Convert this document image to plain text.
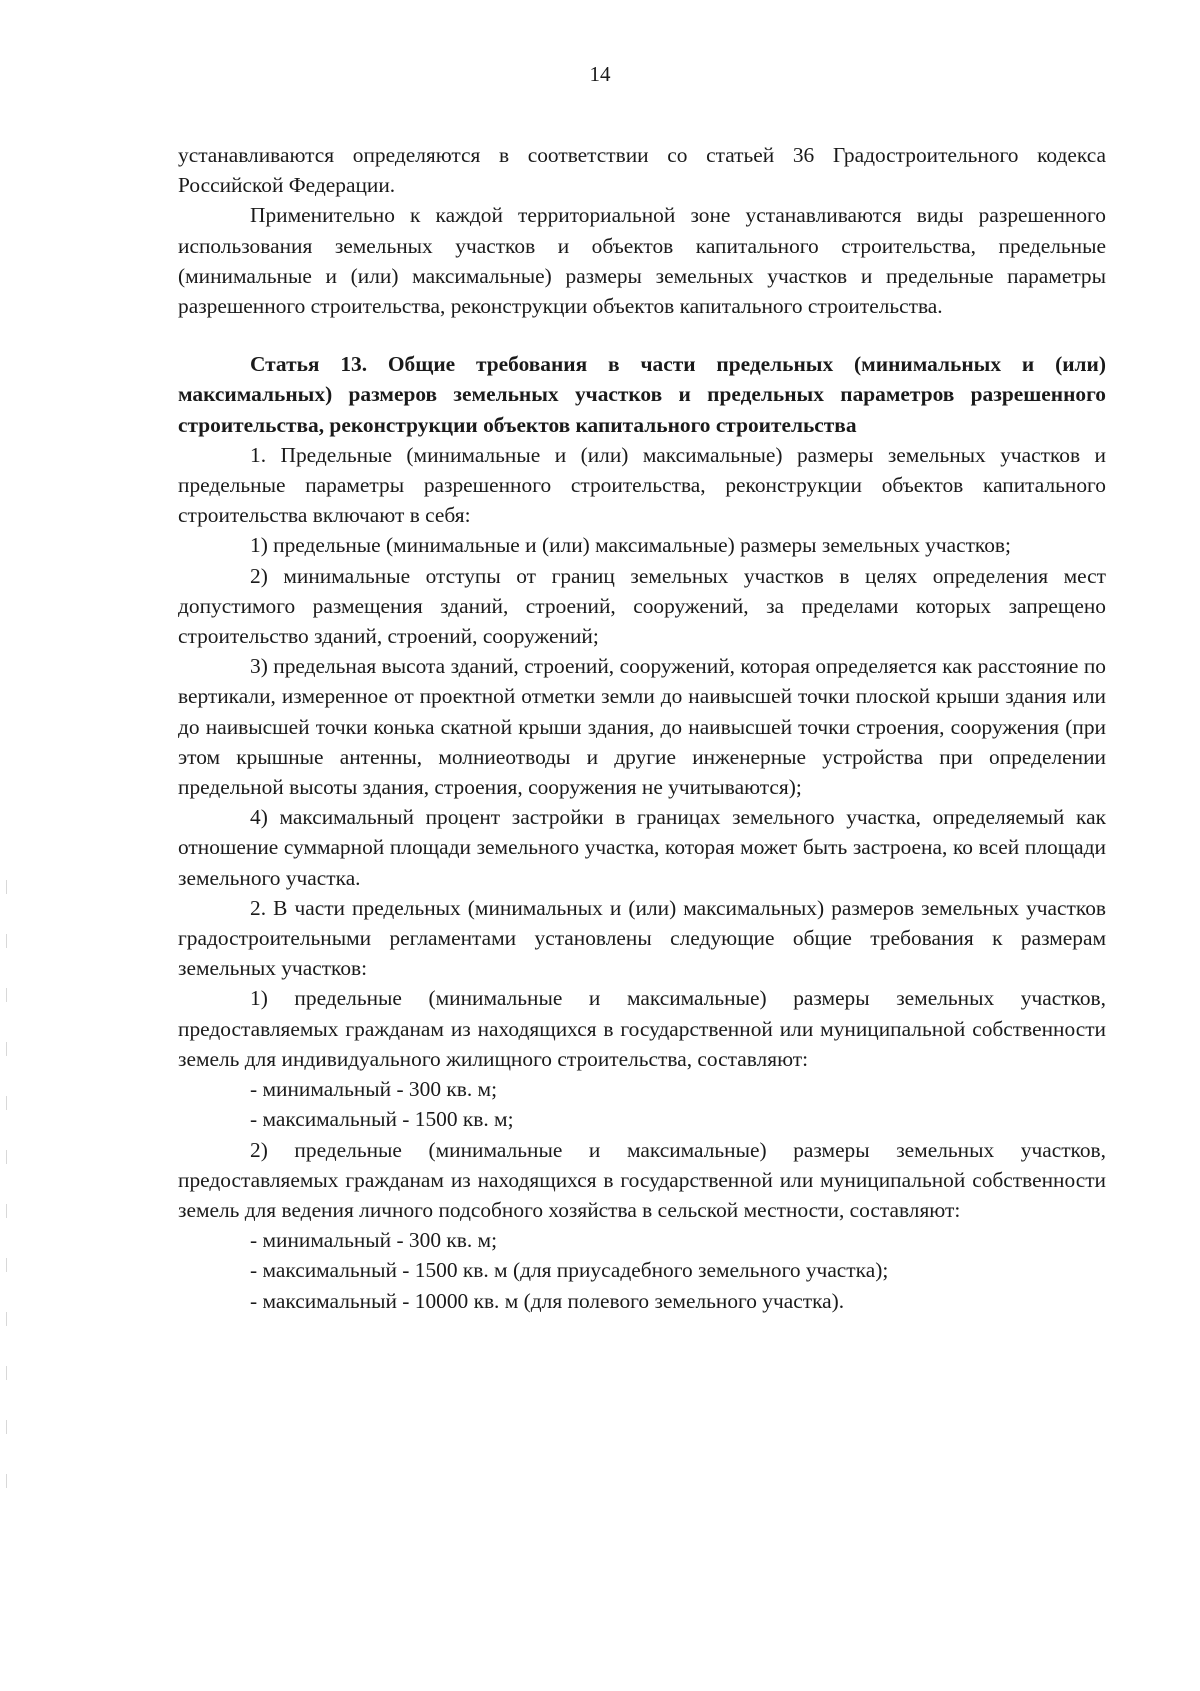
14

устанавливаются определяются в соответствии со статьей 36 Градостроительного кодекса Российской Федерации.

Применительно к каждой территориальной зоне устанавливаются виды разрешенного использования земельных участков и объектов капитального строительства, предельные (минимальные и (или) максимальные) размеры земельных участков и предельные параметры разрешенного строительства, реконструкции объектов капитального строительства.

Статья 13. Общие требования в части предельных (минимальных и (или) максимальных) размеров земельных участков и предельных параметров разрешенного строительства, реконструкции объектов капитального строительства

1. Предельные (минимальные и (или) максимальные) размеры земельных участков и предельные параметры разрешенного строительства, реконструкции объектов капитального строительства включают в себя:

1) предельные (минимальные и (или) максимальные) размеры земельных участков;

2) минимальные отступы от границ земельных участков в целях определения мест допустимого размещения зданий, строений, сооружений, за пределами которых запрещено строительство зданий, строений, сооружений;

3) предельная высота зданий, строений, сооружений, которая определяется как расстояние по вертикали, измеренное от проектной отметки земли до наивысшей точки плоской крыши здания или до наивысшей точки конька скатной крыши здания, до наивысшей точки строения, сооружения (при этом крышные антенны, молниеотводы и другие инженерные устройства при определении предельной высоты здания, строения, сооружения не учитываются);

4) максимальный процент застройки в границах земельного участка, определяемый как отношение суммарной площади земельного участка, которая может быть застроена, ко всей площади земельного участка.

2. В части предельных (минимальных и (или) максимальных) размеров земельных участков градостроительными регламентами установлены следующие общие требования к размерам земельных участков:

1) предельные (минимальные и максимальные) размеры земельных участков, предоставляемых гражданам из находящихся в государственной или муниципальной собственности земель для индивидуального жилищного строительства, составляют:

- минимальный - 300 кв. м;

- максимальный - 1500 кв. м;

2) предельные (минимальные и максимальные) размеры земельных участков, предоставляемых гражданам из находящихся в государственной или муниципальной собственности земель для ведения личного подсобного хозяйства в сельской местности, составляют:

- минимальный - 300 кв. м;

- максимальный - 1500 кв. м (для приусадебного земельного участка);

- максимальный - 10000 кв. м (для полевого земельного участка).
